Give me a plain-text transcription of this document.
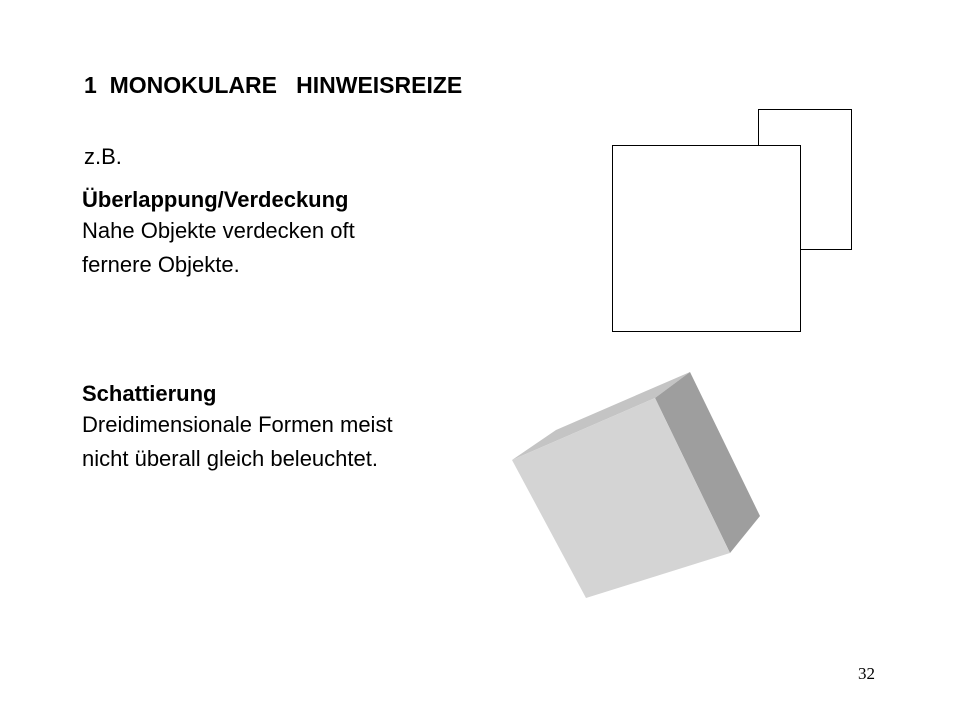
1  MONOKULARE   HINWEISREIZE
z.B.
Überlappung/Verdeckung
Nahe Objekte verdecken oft
fernere Objekte.
Schattierung
Dreidimensionale Formen meist
nicht überall gleich beleuchtet.
32
